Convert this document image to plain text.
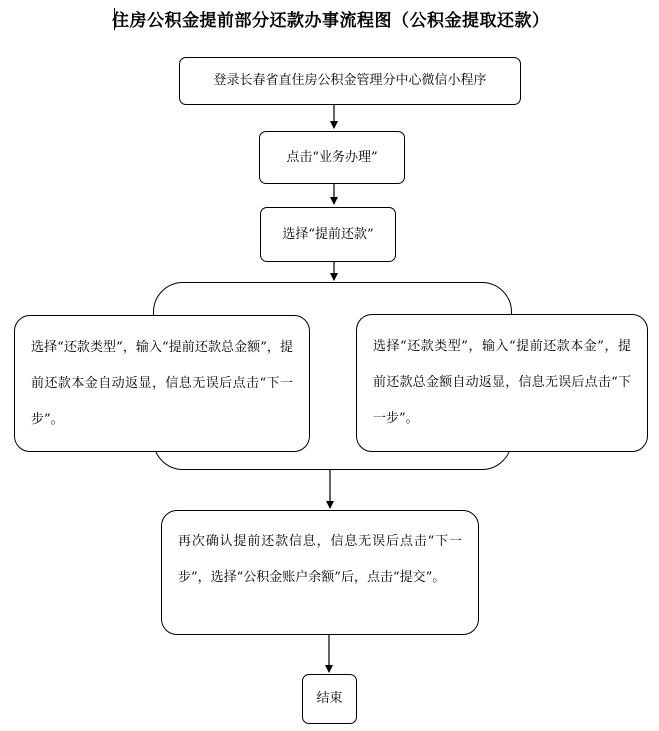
住房公积金提前部分还款办事流程图（公积金提取还款）
登录长春省直住房公积金管理分中心微信小程序
点击“业务办理”
选择“提前还款”
选择“还款类型”，输入“提前还款总金额”，提前还款本金自动返显，信息无误后点击“下一步”。
选择“还款类型”，输入“提前还款本金”，提前还款总金额自动返显，信息无误后点击“下一步”。
再次确认提前还款信息，信息无误后点击“下一步”，选择“公积金账户余额”后，点击“提交”。
结束
